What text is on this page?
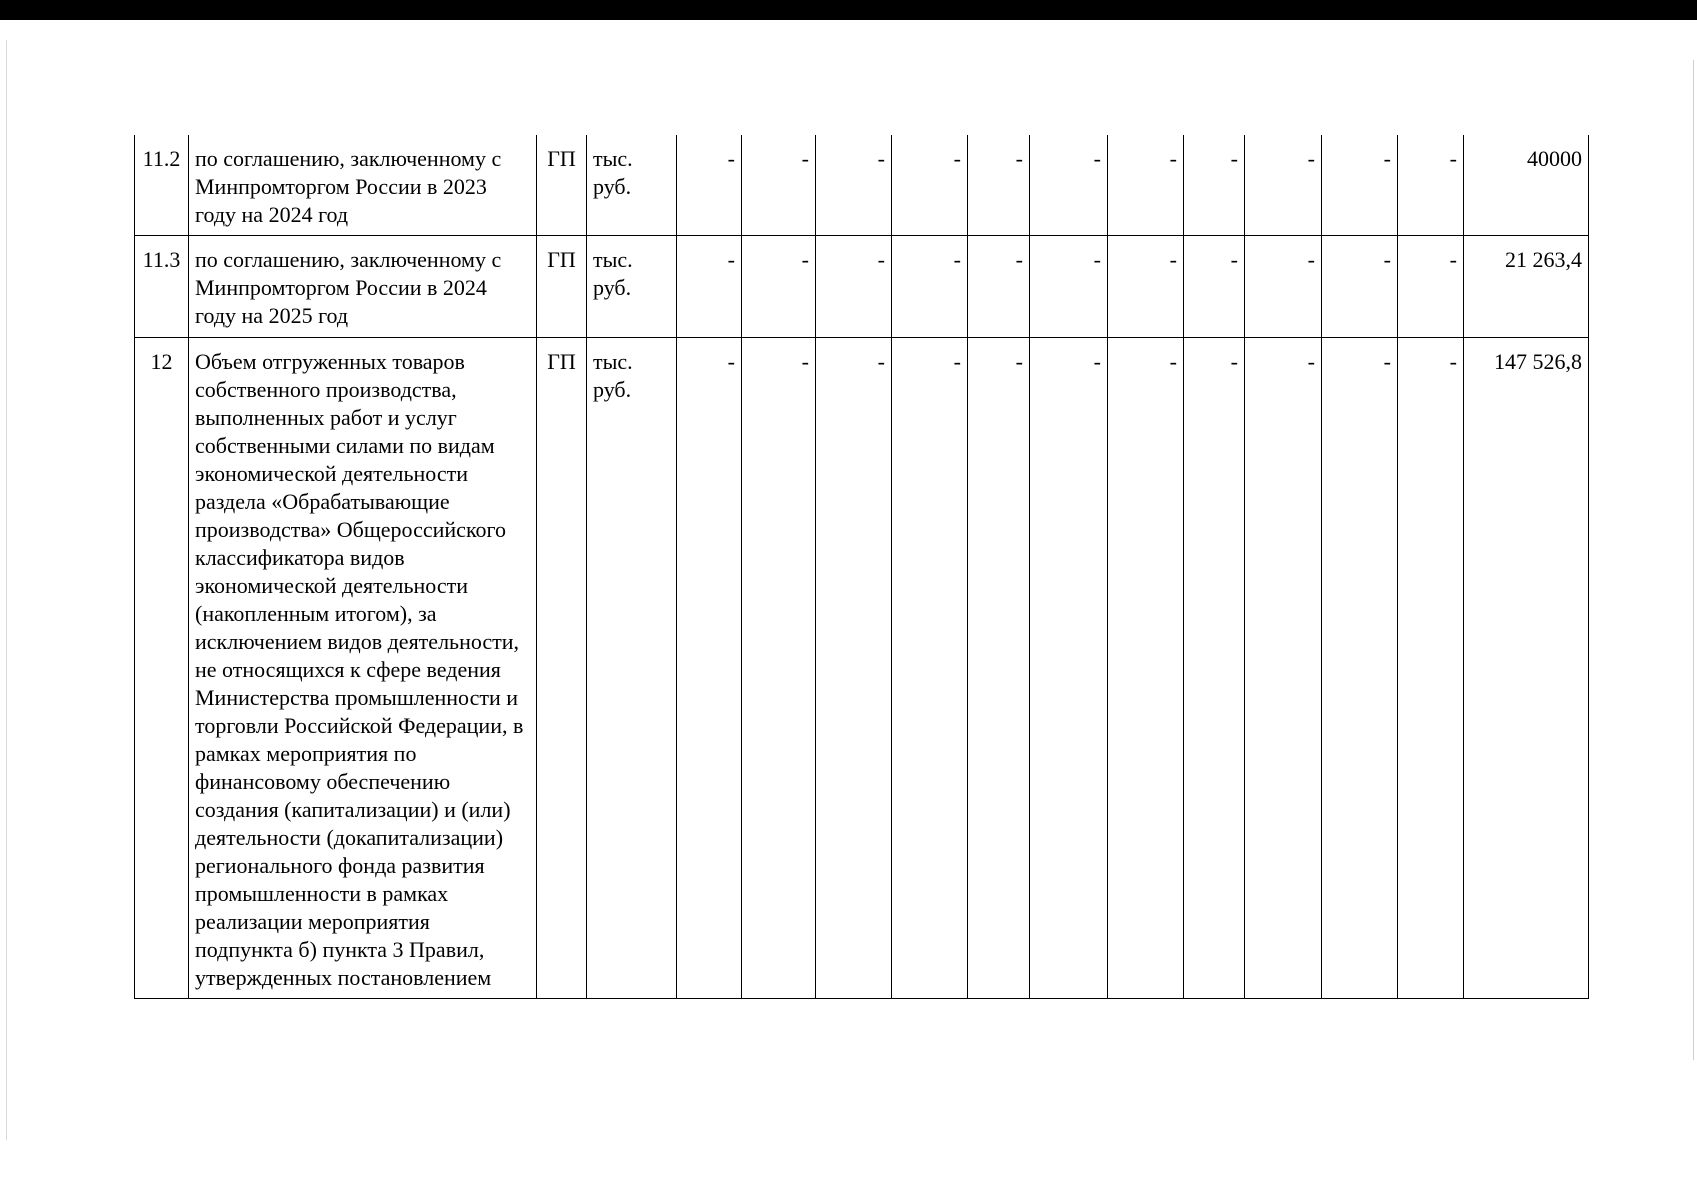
11.2	по соглашению, заключенному с Минпромторгом России в 2023 году на 2024 год	ГП	тыс. руб.	-	-	-	-	-	-	-	-	-	-	-	40000
11.3	по соглашению, заключенному с Минпромторгом России в 2024 году на 2025 год	ГП	тыс. руб.	-	-	-	-	-	-	-	-	-	-	-	21 263,4
12	Объем отгруженных товаров собственного производства, выполненных работ и услуг собственными силами по видам экономической деятельности раздела «Обрабатывающие производства» Общероссийского классификатора видов экономической деятельности (накопленным итогом), за исключением видов деятельности, не относящихся к сфере ведения Министерства промышленности и торговли Российской Федерации, в рамках мероприятия по финансовому обеспечению создания (капитализации) и (или) деятельности (докапитализации) регионального фонда развития промышленности в рамках реализации мероприятия подпункта б) пункта 3 Правил, утвержденных постановлением	ГП	тыс. руб.	-	-	-	-	-	-	-	-	-	-	-	147 526,8
